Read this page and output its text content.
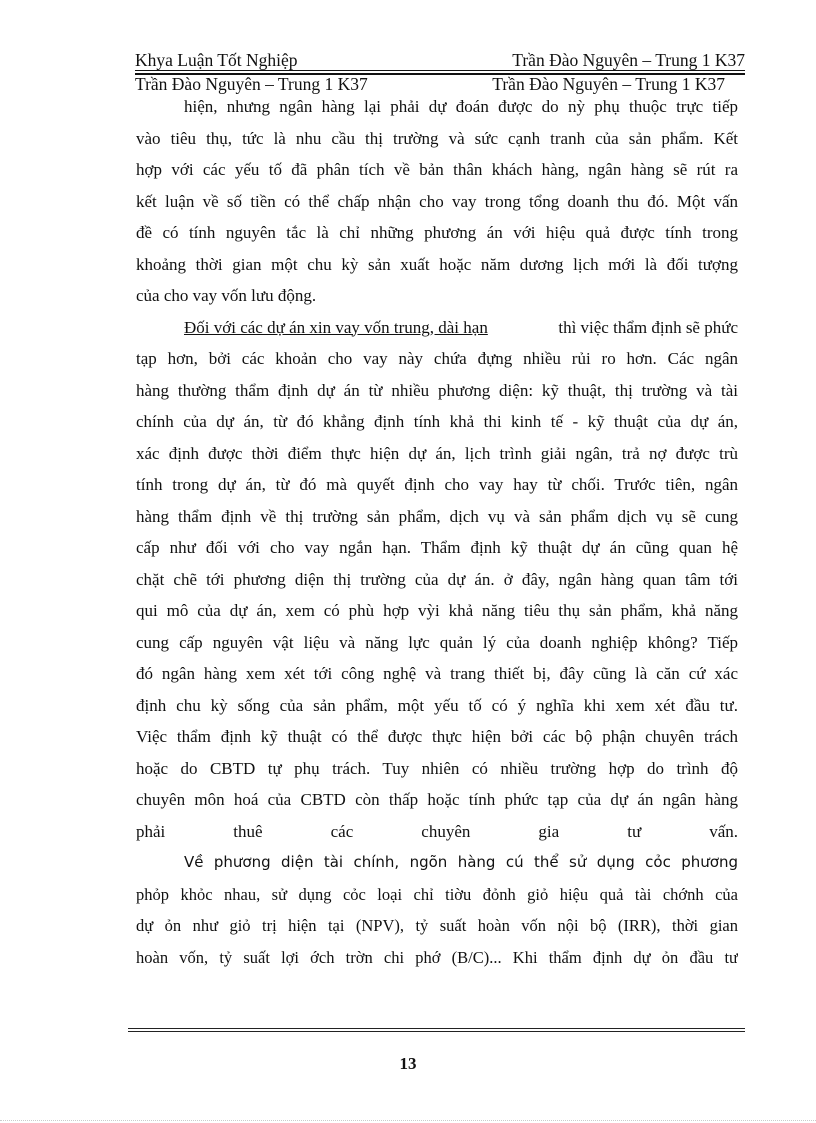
Khya Luận Tốt Nghiệp	Trần Đào Nguyên – Trung 1 K37
Trần Đào Nguyên – Trung 1 K37	Trần Đào Nguyên – Trung 1 K37
hiện, nhưng ngân hàng lại phải dự đoán được do nỳ phụ thuộc trực tiếp
vào tiêu thụ, tức là nhu cầu thị trường và sức cạnh tranh của sản phẩm. Kết
hợp với các yếu tố đã phân tích về bản thân khách hàng, ngân hàng sẽ rút ra
kết luận về số tiền có thể chấp nhận cho vay trong tổng doanh thu đó. Một vấn
đề có tính nguyên tắc là chỉ những phương án với hiệu quả được tính trong
khoảng thời gian một chu kỳ sản xuất hoặc năm dương lịch mới là đối tượng
của cho vay vốn lưu động.
Đối với các dự án xin vay vốn trung, dài hạn	thì việc thẩm định sẽ phức
tạp hơn, bởi các khoản cho vay này chứa đựng nhiều rủi ro hơn. Các ngân
hàng thường thẩm định dự án từ nhiều phương diện: kỹ thuật, thị trường và tài
chính của dự án, từ đó khẳng định tính khả thi kinh tế - kỹ thuật của dự án,
xác định được thời điểm thực hiện dự án, lịch trình giải ngân, trả nợ được trù
tính trong dự án, từ đó mà quyết định cho vay hay từ chối. Trước tiên, ngân
hàng thẩm định về thị trường sản phẩm, dịch vụ và sản phẩm dịch vụ sẽ cung
cấp như đối với cho vay ngắn hạn. Thẩm định kỹ thuật dự án cũng quan hệ
chặt chẽ tới phương diện thị trường của dự án. ở đây, ngân hàng quan tâm tới
qui mô của dự án, xem có phù hợp vỳi khả năng tiêu thụ sản phẩm, khả năng
cung cấp nguyên vật liệu và năng lực quản lý của doanh nghiệp không? Tiếp
đó ngân hàng xem xét tới công nghệ và trang thiết bị, đây cũng là căn cứ xác
định chu kỳ sống của sản phẩm, một yếu tố có ý nghĩa khi xem xét đầu tư.
Việc thẩm định kỹ thuật có thể được thực hiện bởi các bộ phận chuyên trách
hoặc do CBTD tự phụ trách. Tuy nhiên có nhiều trường hợp do trình độ
chuyên môn hoá của CBTD còn thấp hoặc tính phức tạp của dự án ngân hàng
phải thuê các chuyên gia tư vấn.
Về phương diện tài chính, ngõn hàng cú thể sử dụng cỏc phương
phỏp khỏc nhau, sử dụng cỏc loại chỉ tiờu đỏnh giỏ hiệu quả tài chớnh của
dự ỏn như giỏ trị hiện tại (NPV), tỷ suất hoàn vốn nội bộ (IRR), thời gian
hoàn vốn, tỷ suất lợi ớch trờn chi phớ (B/C)... Khi thẩm định dự ỏn đầu tư
13
